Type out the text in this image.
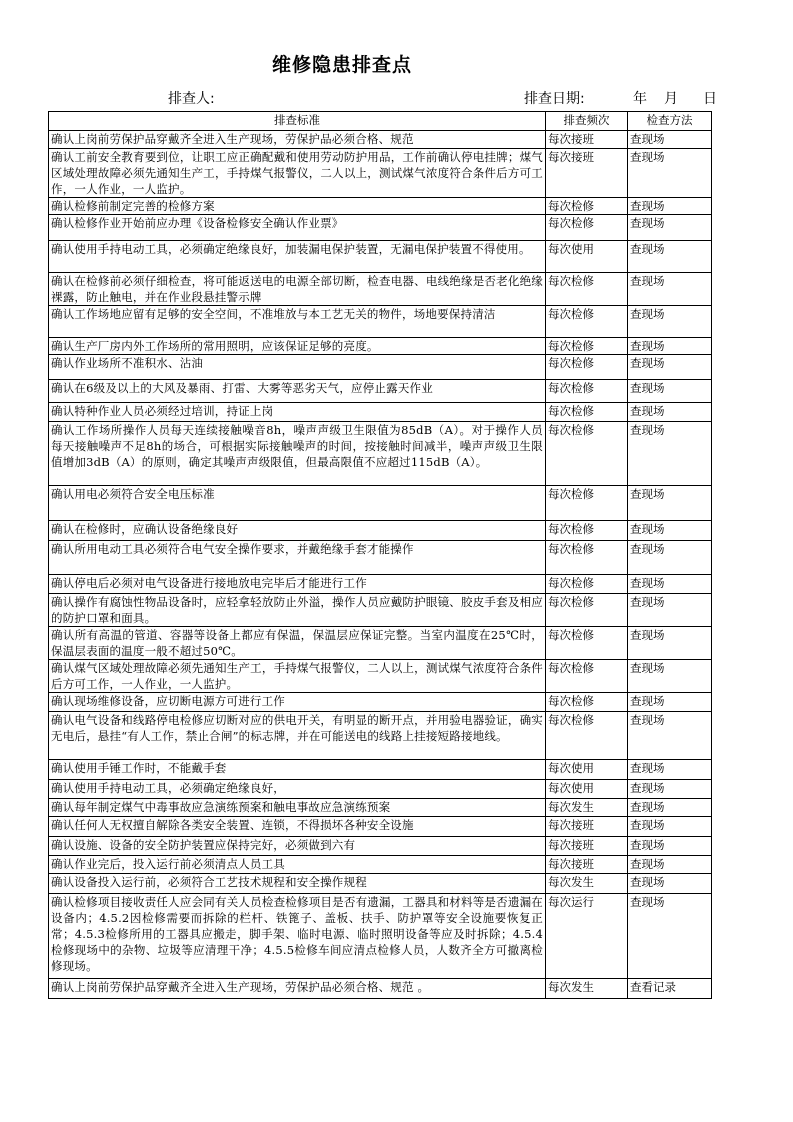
维修隐患排查点
排查人:	排查日期:	年 月 日
排查标准	排查频次	检查方法
确认上岗前劳保护品穿戴齐全进入生产现场，劳保护品必须合格、规范	每次接班	查现场
确认工前安全教育要到位，让职工应正确配戴和使用劳动防护用品，工作前确认停电挂牌；煤气区域处理故障必须先通知生产工，手持煤气报警仪，二人以上，测试煤气浓度符合条件后方可工作，一人作业，一人监护。	每次接班	查现场
确认检修前制定完善的检修方案	每次检修	查现场
确认检修作业开始前应办理《设备检修安全确认作业票》	每次检修	查现场
确认使用手持电动工具，必须确定绝缘良好，加装漏电保护装置，无漏电保护装置不得使用。	每次使用	查现场
确认在检修前必须仔细检查，将可能返送电的电源全部切断，检查电器、电线绝缘是否老化绝缘裸露，防止触电，并在作业段悬挂警示牌	每次检修	查现场
确认工作场地应留有足够的安全空间，不准堆放与本工艺无关的物件，场地要保持清洁	每次检修	查现场
确认生产厂房内外工作场所的常用照明，应该保证足够的亮度。	每次检修	查现场
确认作业场所不准积水、沾油	每次检修	查现场
确认在6级及以上的大风及暴雨、打雷、大雾等恶劣天气，应停止露天作业	每次检修	查现场
确认特种作业人员必须经过培训，持证上岗	每次检修	查现场
确认工作场所操作人员每天连续接触噪音8h，噪声声级卫生限值为85dB（A）。对于操作人员每天接触噪声不足8h的场合，可根据实际接触噪声的时间，按接触时间减半，噪声声级卫生限值增加3dB（A）的原则，确定其噪声声级限值，但最高限值不应超过115dB（A）。	每次检修	查现场
确认用电必须符合安全电压标准	每次检修	查现场
确认在检修时，应确认设备绝缘良好	每次检修	查现场
确认所用电动工具必须符合电气安全操作要求，并戴绝缘手套才能操作	每次检修	查现场
确认停电后必须对电气设备进行接地放电完毕后才能进行工作	每次检修	查现场
确认操作有腐蚀性物品设备时，应轻拿轻放防止外溢，操作人员应戴防护眼镜、胶皮手套及相应的防护口罩和面具。	每次检修	查现场
确认所有高温的管道、容器等设备上都应有保温，保温层应保证完整。当室内温度在25℃时，保温层表面的温度一般不超过50℃。	每次检修	查现场
确认煤气区域处理故障必须先通知生产工，手持煤气报警仪，二人以上，测试煤气浓度符合条件后方可工作，一人作业，一人监护。	每次检修	查现场
确认现场维修设备，应切断电源方可进行工作	每次检修	查现场
确认电气设备和线路停电检修应切断对应的供电开关，有明显的断开点，并用验电器验证，确实无电后，悬挂“有人工作，禁止合闸”的标志牌，并在可能送电的线路上挂接短路接地线。	每次检修	查现场
确认使用手锤工作时，不能戴手套	每次使用	查现场
确认使用手持电动工具，必须确定绝缘良好，	每次使用	查现场
确认每年制定煤气中毒事故应急演练预案和触电事故应急演练预案	每次发生	查现场
确认任何人无权擅自解除各类安全装置、连锁，不得损坏各种安全设施	每次接班	查现场
确认设施、设备的安全防护装置应保持完好，必须做到六有	每次接班	查现场
确认作业完后，投入运行前必须清点人员工具	每次接班	查现场
确认设备投入运行前，必须符合工艺技术规程和安全操作规程	每次发生	查现场
确认检修项目接收责任人应会同有关人员检查检修项目是否有遗漏，工器具和材料等是否遗漏在设备内；4.5.2因检修需要而拆除的栏杆、铁篦子、盖板、扶手、防护罩等安全设施要恢复正常；4.5.3检修所用的工器具应搬走，脚手架、临时电源、临时照明设备等应及时拆除；4.5.4检修现场中的杂物、垃圾等应清理干净；4.5.5检修车间应清点检修人员，人数齐全方可撤离检修现场。	每次运行	查现场
确认上岗前劳保护品穿戴齐全进入生产现场，劳保护品必须合格、规范 。	每次发生	查看记录
